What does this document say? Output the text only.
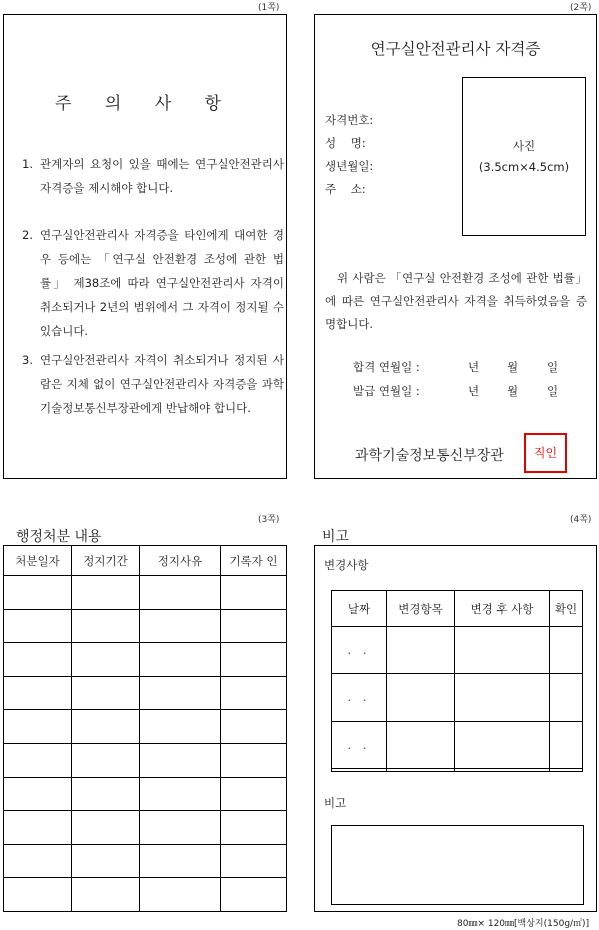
(1쪽)
주 의 사 항
1. 관계자의 요청이 있을 때에는 연구실안전관리사 자격증을 제시해야 합니다.
2. 연구실안전관리사 자격증을 타인에게 대여한 경우 등에는 「연구실 안전환경 조성에 관한 법률」 제38조에 따라 연구실안전관리사 자격이 취소되거나 2년의 범위에서 그 자격이 정지될 수 있습니다.
3. 연구실안전관리사 자격이 취소되거나 정지된 사람은 지체 없이 연구실안전관리사 자격증을 과학기술정보통신부장관에게 반납해야 합니다.
(2쪽)
연구실안전관리사 자격증
자격번호:
성    명:
생년월일:
주    소:
사진
(3.5cm×4.5cm)
위 사람은 「연구실 안전환경 조성에 관한 법률」에 따른 연구실안전관리사 자격을 취득하였음을 증명합니다.
합격 연월일 :	년 월	일
발급 연월일 :	년 월	일
과학기술정보통신부장관	직인
(3쪽)
행정처분 내용
처분일자	정지기간	정지사유	기록자 인

(4쪽)
비고
변경사항
날짜	변경항목	변경 후 사항	확인
. .			
. .			
. .			

비고
80㎜× 120㎜[백상지(150g/㎡)]
